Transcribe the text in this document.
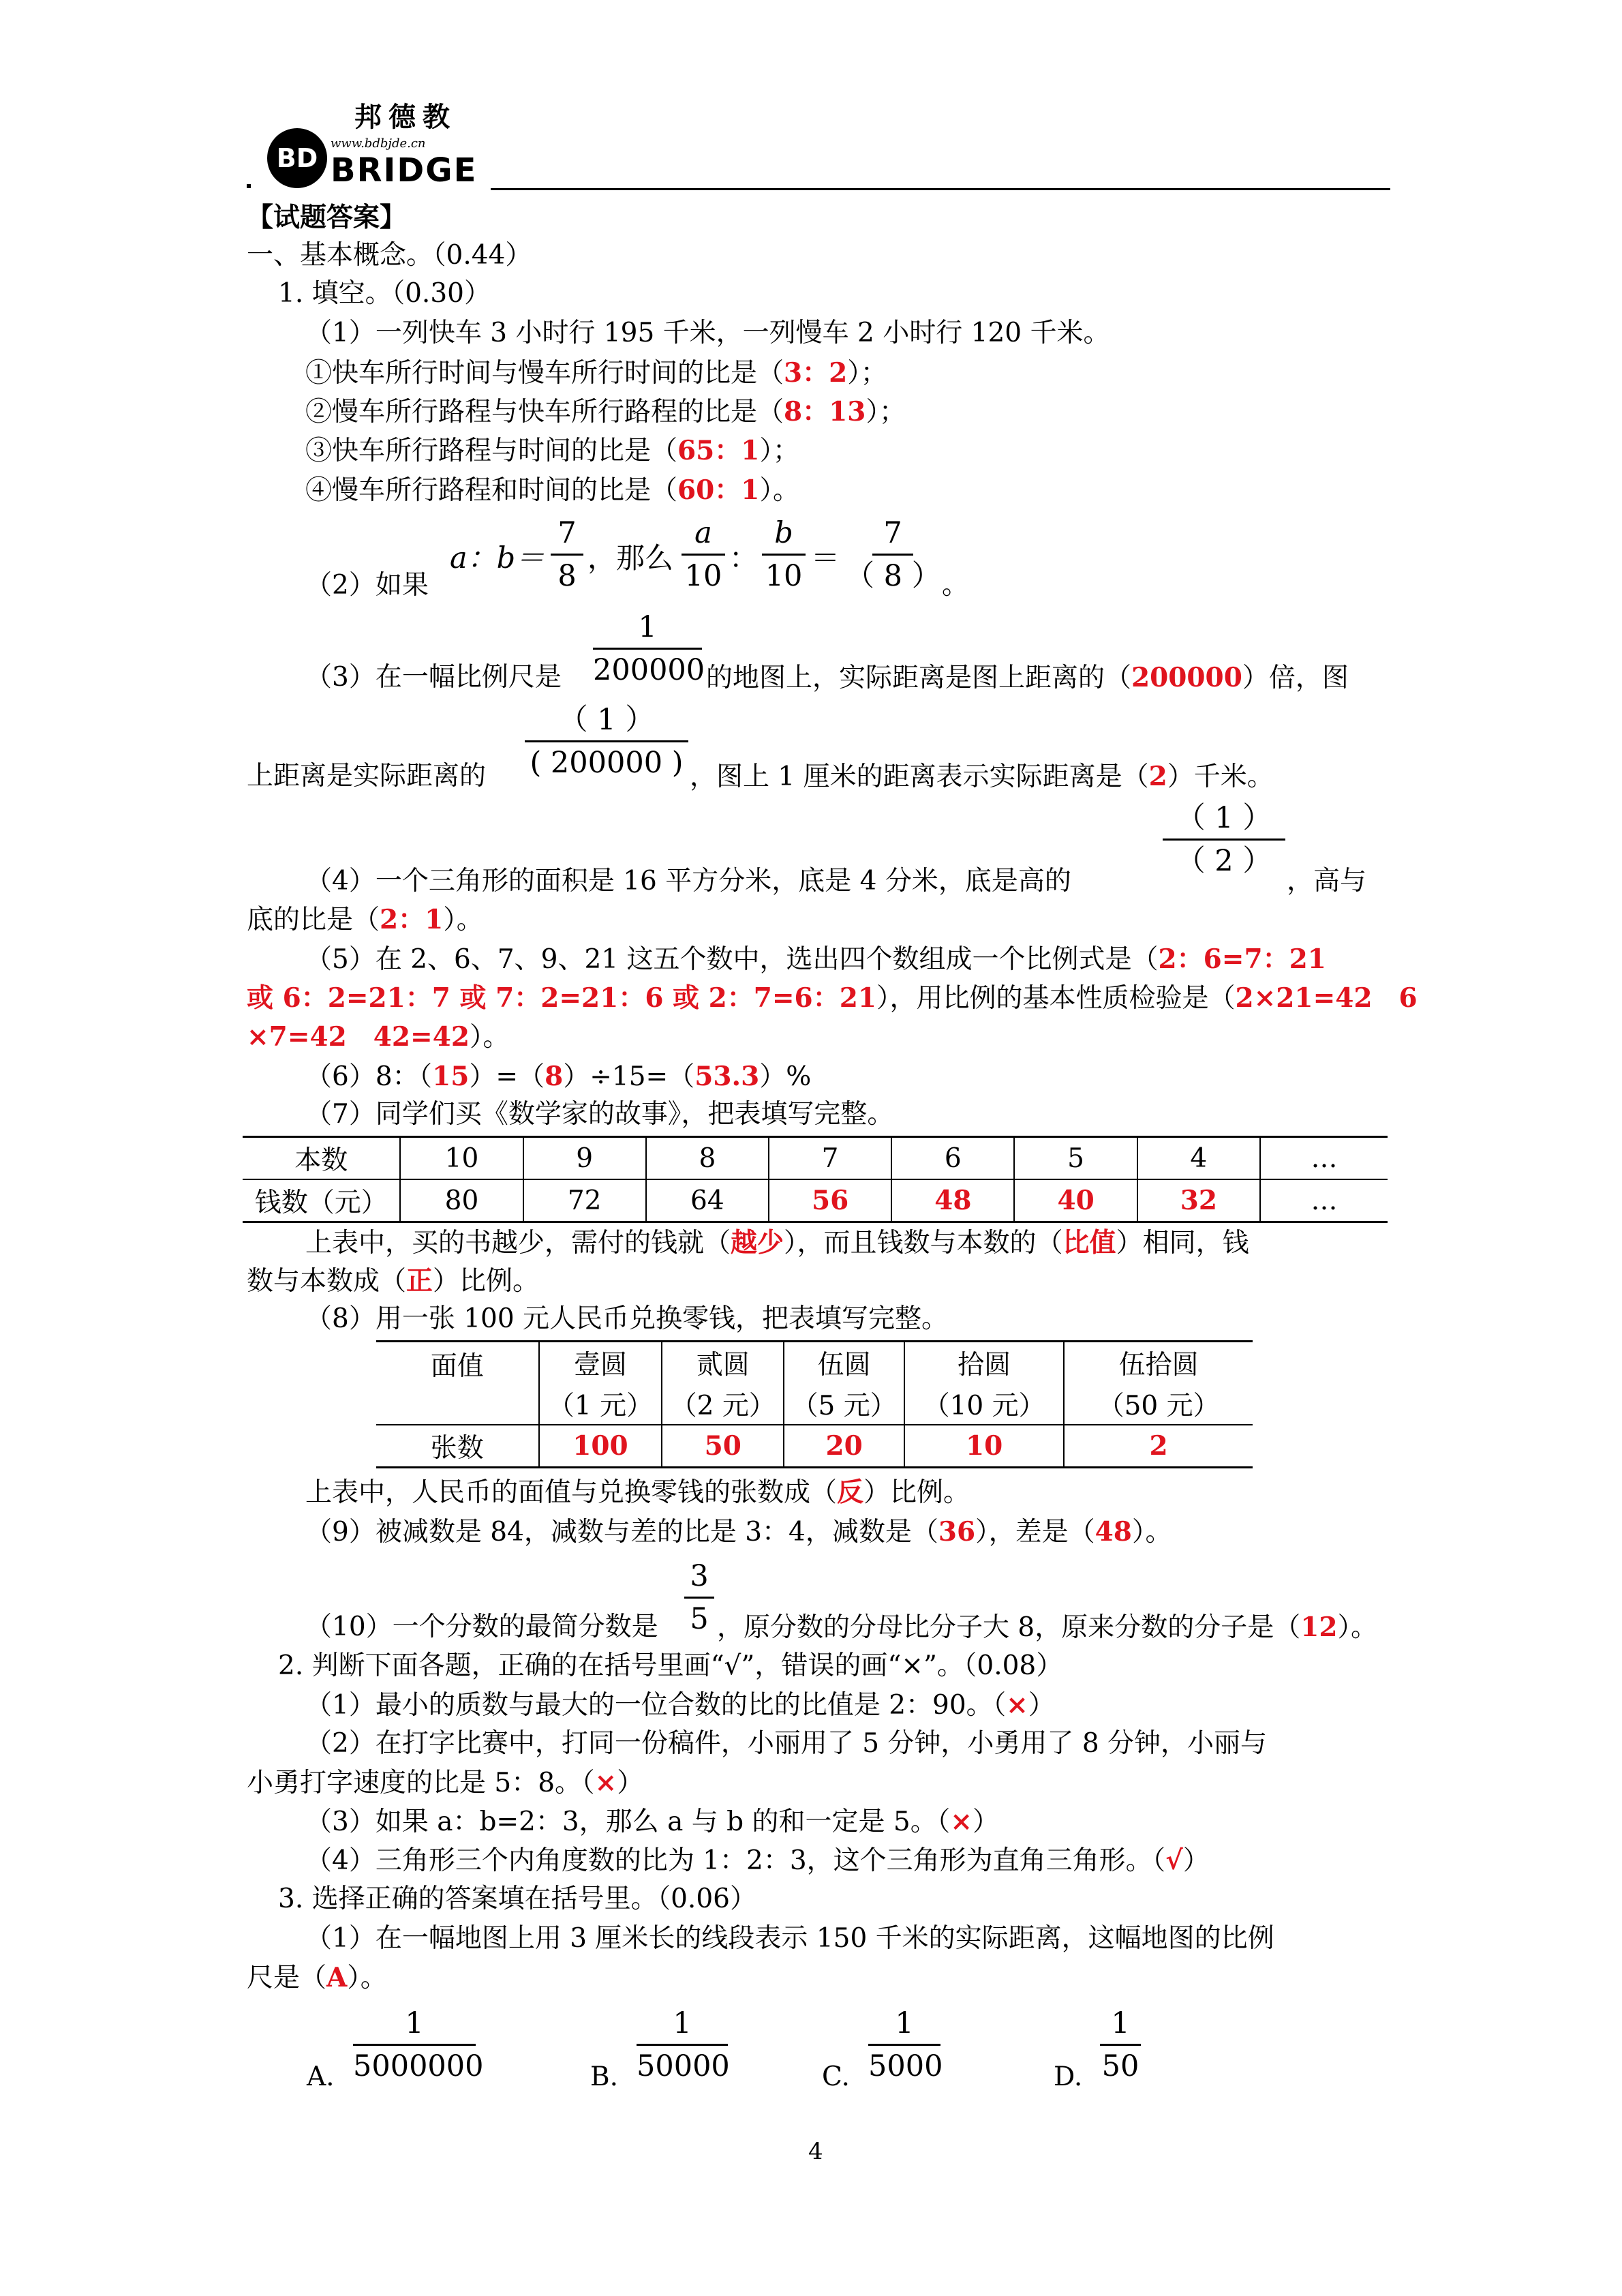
邦德教
www.bdbjde.cn
BD BRIDGE
【试题答案】
一、基本概念。（0.44）
1. 填空。（0.30）
（1）一列快车 3 小时行 195 千米，一列慢车 2 小时行 120 千米。
①快车所行时间与慢车所行时间的比是（3：2）；
②慢车所行路程与快车所行路程的比是（8：13）；
③快车所行路程与时间的比是（65：1）；
④慢车所行路程和时间的比是（60：1）。
（2）如果
a：b＝
7
8
，那么
a
10
：
b
10
＝
7
（ 8 ） 。
1
200000
（3）在一幅比例尺是	的地图上，实际距离是图上距离的（200000）倍，图
（ 1 ）
( 200000 )
上距离是实际距离的	，图上 1 厘米的距离表示实际距离是（2）千米。
（ 1 ）
（ 2 ）
（4）一个三角形的面积是 16 平方分米，底是 4 分米，底是高的	，高与
底的比是（2：1）。
（5）在 2、6、7、9、21 这五个数中，选出四个数组成一个比例式是（2：6=7：21
或 6：2=21：7 或 7：2=21：6 或 2：7=6：21），用比例的基本性质检验是（2×21=42　6
×7=42　42=42）。
（6）8：（15）=（8）÷15=（53.3）%
（7）同学们买《数学家的故事》，把表填写完整。
本数	10	9	8	7	6	5	4	…
钱数（元）	80	72	64	56	48	40	32	…
上表中，买的书越少，需付的钱就（越少），而且钱数与本数的（比值）相同，钱
数与本数成（正）比例。
（8）用一张 100 元人民币兑换零钱，把表填写完整。
面值	壹圆	贰圆	伍圆	拾圆	伍拾圆
	（1 元）	（2 元）	（5 元）	（10 元）	（50 元）
张数	100	50	20	10	2
上表中，人民币的面值与兑换零钱的张数成（反）比例。
（9）被减数是 84，减数与差的比是 3：4，减数是（36），差是（48）。
3
5
（10）一个分数的最简分数是 ，原分数的分母比分子大 8，原来分数的分子是（12）。
2. 判断下面各题，正确的在括号里画“√”，错误的画“×”。（0.08）
（1）最小的质数与最大的一位合数的比的比值是 2：90。（×）
（2）在打字比赛中，打同一份稿件，小丽用了 5 分钟，小勇用了 8 分钟，小丽与
小勇打字速度的比是 5：8。（×）
（3）如果 a：b=2：3，那么 a 与 b 的和一定是 5。（×）
（4）三角形三个内角度数的比为 1：2：3，这个三角形为直角三角形。（√）
3. 选择正确的答案填在括号里。（0.06）
（1）在一幅地图上用 3 厘米长的线段表示 150 千米的实际距离，这幅地图的比例
尺是（A）。
A.
1
5000000	B.
1
50000	C.
1
5000	D.
1
50
4
